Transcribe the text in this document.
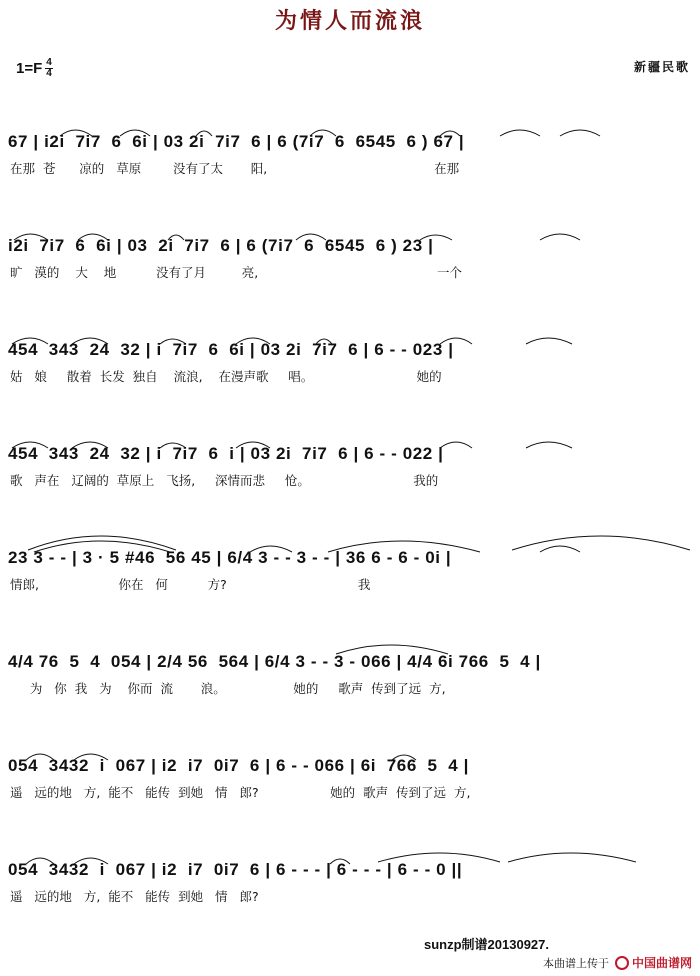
为情人而流浪
$1=F \frac{4}{4}$	新疆民歌
67 | i2i  7i7  6  6i | 03 2i  7i7  6 | 6 (7i7  6  6545  6 ) 67 |
在那  苍      凉的   草原        没有了太       阳,                                          在那
i2i  7i7  6  6i | 03  2i  7i7  6 | 6 (7i7  6  6545  6 ) 23 |
旷   漠的    大    地          没有了月         亮,                                             一个
454  343  24  32 | i  7i7  6  6i | 03 2i  7i7  6 | 6 - - 023 |
姑   娘     散着  长发  独自    流浪,    在漫声歌     唱。                          她的
454  343  24  32 | i  7i7  6  i | 03 2i  7i7  6 | 6 - - 022 |
歌   声在   辽阔的  草原上   飞扬,     深情而悲     怆。                          我的
23 3 - - | 3 · 5 #46  56 45 | 6/4 3 - - 3 - - | 36 6 - 6 - 0i |
情郎,                    你在   何          方?                                 我
4/4 76  5  4  054 | 2/4 56  564 | 6/4 3 - - 3 - 066 | 4/4 6i 766  5  4 |
为   你  我   为    你而  流       浪。                 她的     歌声  传到了远  方,
054  3432  i  067 | i2  i7  0i7  6 | 6 - - 066 | 6i  766  5  4 |
遥   远的地   方,  能不   能传  到她   情   郎?                  她的  歌声  传到了远  方,
054  3432  i  067 | i2  i7  0i7  6 | 6 - - - | 6 - - - | 6 - - 0 ||
遥   远的地   方,  能不   能传  到她   情   郎?
sunzp制谱20130927.
本曲谱上传于 中国曲谱网
